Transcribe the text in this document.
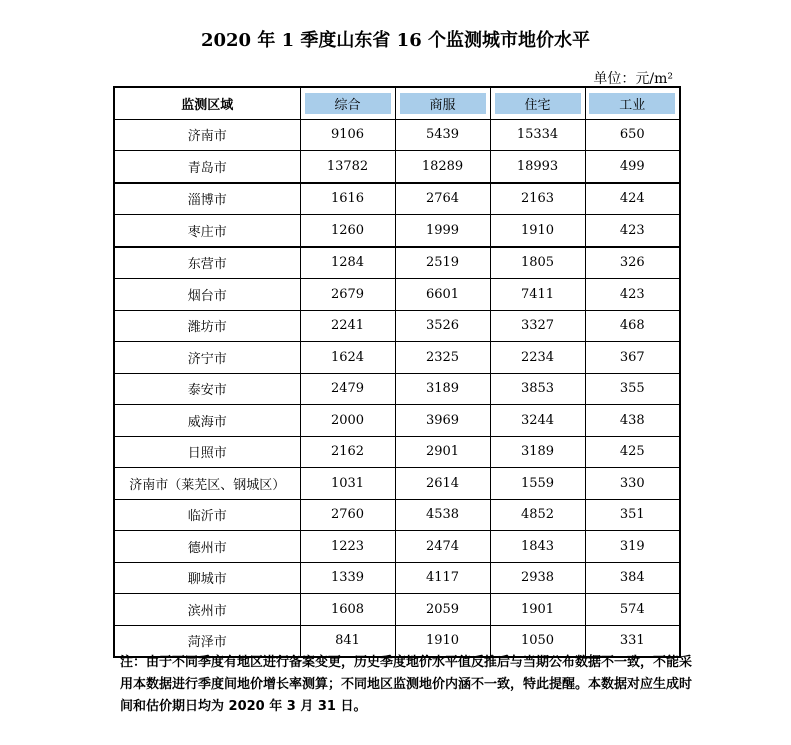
2020 年 1 季度山东省 16 个监测城市地价水平
单位：元/m²
监测区域	综合	商服	住宅	工业
济南市	9106	5439	15334	650
青岛市	13782	18289	18993	499
淄博市	1616	2764	2163	424
枣庄市	1260	1999	1910	423
东营市	1284	2519	1805	326
烟台市	2679	6601	7411	423
潍坊市	2241	3526	3327	468
济宁市	1624	2325	2234	367
泰安市	2479	3189	3853	355
威海市	2000	3969	3244	438
日照市	2162	2901	3189	425
济南市（莱芜区、钢城区）	1031	2614	1559	330
临沂市	2760	4538	4852	351
德州市	1223	2474	1843	319
聊城市	1339	4117	2938	384
滨州市	1608	2059	1901	574
菏泽市	841	1910	1050	331
注：由于不同季度有地区进行备案变更，历史季度地价水平值反推后与当期公布数据不一致，不能采用本数据进行季度间地价增长率测算；不同地区监测地价内涵不一致，特此提醒。本数据对应生成时间和估价期日均为 2020 年 3 月 31 日。
